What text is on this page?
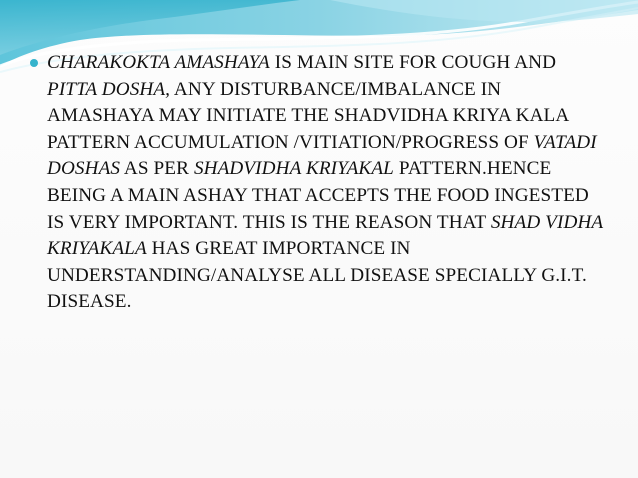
CHARAKOKTA AMASHAYA IS MAIN SITE FOR COUGH AND PITTA DOSHA, ANY DISTURBANCE/IMBALANCE IN AMASHAYA MAY INITIATE THE SHADVIDHA KRIYA KALA PATTERN ACCUMULATION /VITIATION/PROGRESS OF VATADI DOSHAS AS PER SHADVIDHA KRIYAKAL PATTERN.HENCE BEING A MAIN ASHAY THAT ACCEPTS THE FOOD INGESTED IS VERY IMPORTANT. THIS IS THE REASON THAT SHAD VIDHA KRIYAKALA HAS GREAT IMPORTANCE IN UNDERSTANDING/ANALYSE ALL DISEASE SPECIALLY G.I.T. DISEASE.
